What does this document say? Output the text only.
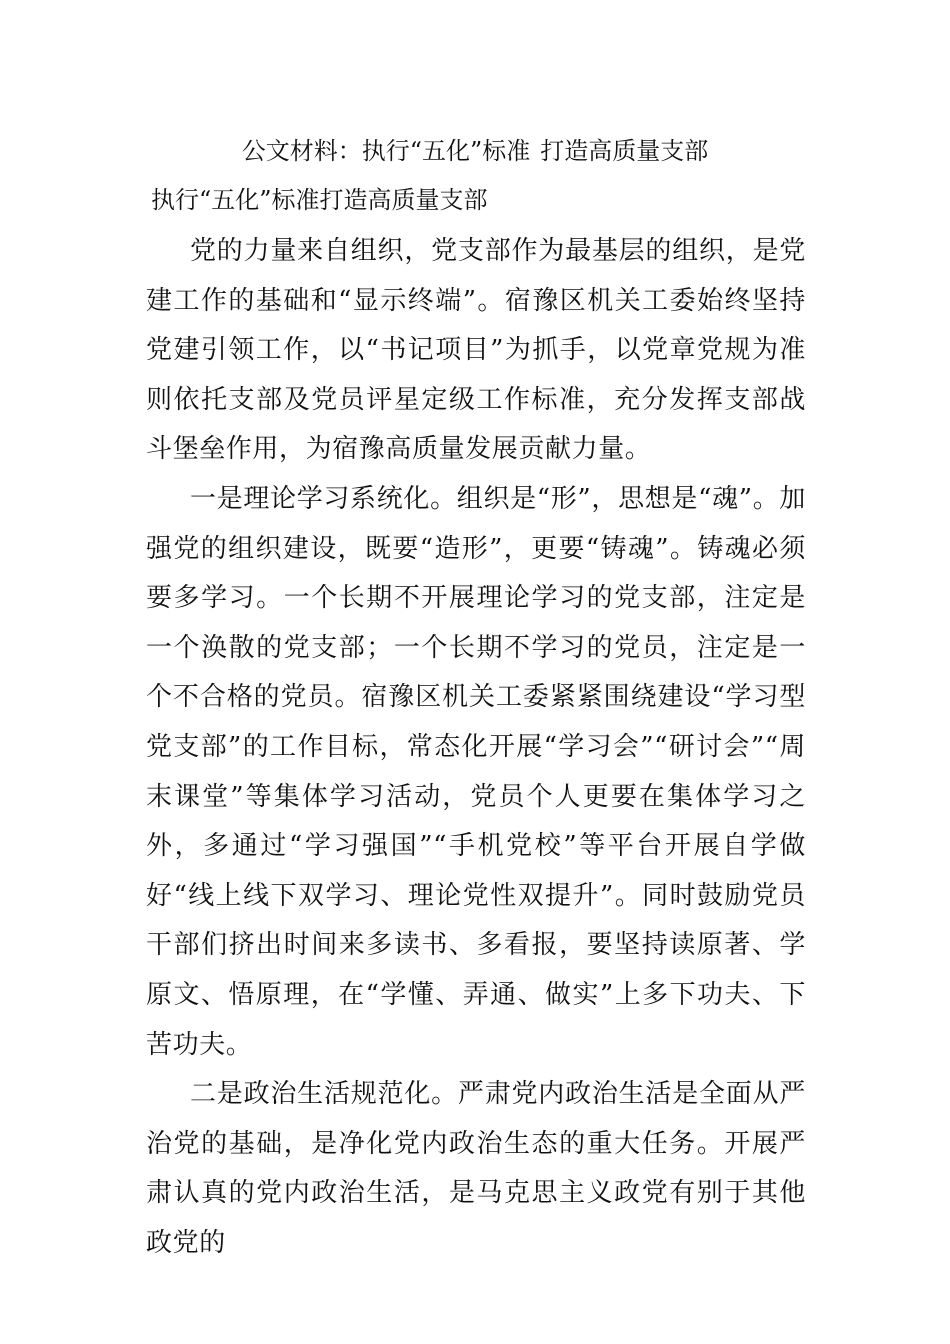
公文材料：执行“五化”标准 打造高质量支部
执行“五化”标准打造高质量支部

党的力量来自组织，党支部作为最基层的组织，是党建工作的基础和“显示终端”。宿豫区机关工委始终坚持党建引领工作，以“书记项目”为抓手，以党章党规为准则依托支部及党员评星定级工作标准，充分发挥支部战斗堡垒作用，为宿豫高质量发展贡献力量。

一是理论学习系统化。组织是“形”，思想是“魂”。加强党的组织建设，既要“造形”，更要“铸魂”。铸魂必须要多学习。一个长期不开展理论学习的党支部，注定是一个涣散的党支部；一个长期不学习的党员，注定是一个不合格的党员。宿豫区机关工委紧紧围绕建设“学习型党支部”的工作目标，常态化开展“学习会”“研讨会”“周末课堂”等集体学习活动，党员个人更要在集体学习之外，多通过“学习强国”“手机党校”等平台开展自学做好“线上线下双学习、理论党性双提升”。同时鼓励党员干部们挤出时间来多读书、多看报，要坚持读原著、学原文、悟原理，在“学懂、弄通、做实”上多下功夫、下苦功夫。

二是政治生活规范化。严肃党内政治生活是全面从严治党的基础，是净化党内政治生态的重大任务。开展严肃认真的党内政治生活，是马克思主义政党有别于其他政党的
